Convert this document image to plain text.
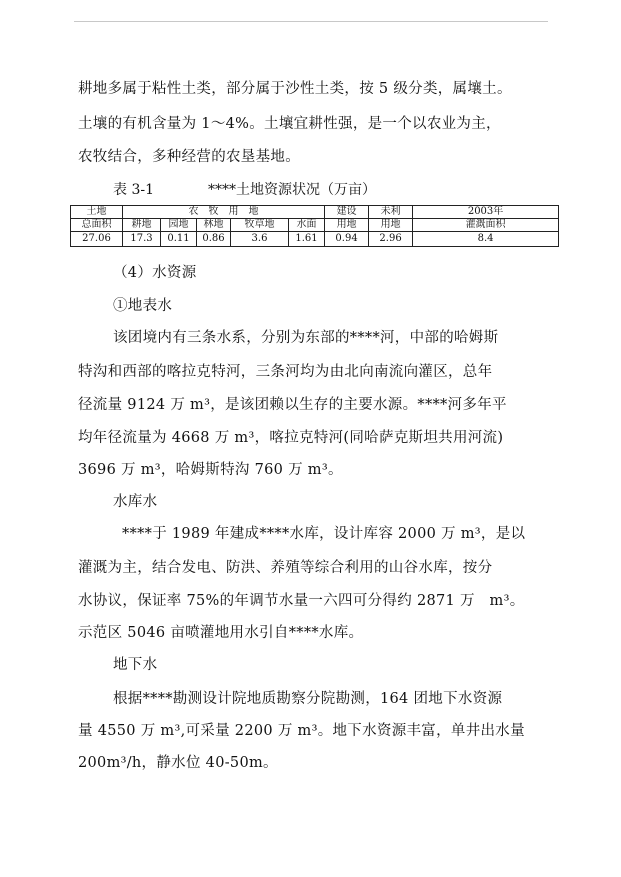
耕地多属于粘性土类，部分属于沙性土类，按 5 级分类，属壤土。
土壤的有机含量为 1～4%。土壤宜耕性强，是一个以农业为主，
农牧结合，多种经营的农垦基地。
表 3-1	****土地资源状况（万亩）
土地	农　牧　用　地					建设	未利	2003年
总面积	耕地	园地	林地	牧草地	水面	用地	用地	灌溉面积
27.06	17.3	0.11	0.86	3.6	1.61	0.94	2.96	8.4
（4）水资源
①地表水
该团境内有三条水系，分别为东部的****河，中部的哈姆斯
特沟和西部的喀拉克特河，三条河均为由北向南流向灌区，总年
径流量 9124 万 m³，是该团赖以生存的主要水源。****河多年平
均年径流量为 4668 万 m³，喀拉克特河(同哈萨克斯坦共用河流)
3696 万 m³，哈姆斯特沟 760 万 m³。
水库水
****于 1989 年建成****水库，设计库容 2000 万 m³，是以
灌溉为主，结合发电、防洪、养殖等综合利用的山谷水库，按分
水协议，保证率 75%的年调节水量一六四可分得约 2871 万　m³。
示范区 5046 亩喷灌地用水引自****水库。
地下水
根据****勘测设计院地质勘察分院勘测，164 团地下水资源
量 4550 万 m³,可采量 2200 万 m³。地下水资源丰富，单井出水量
200m³/h，静水位 40-50m。
